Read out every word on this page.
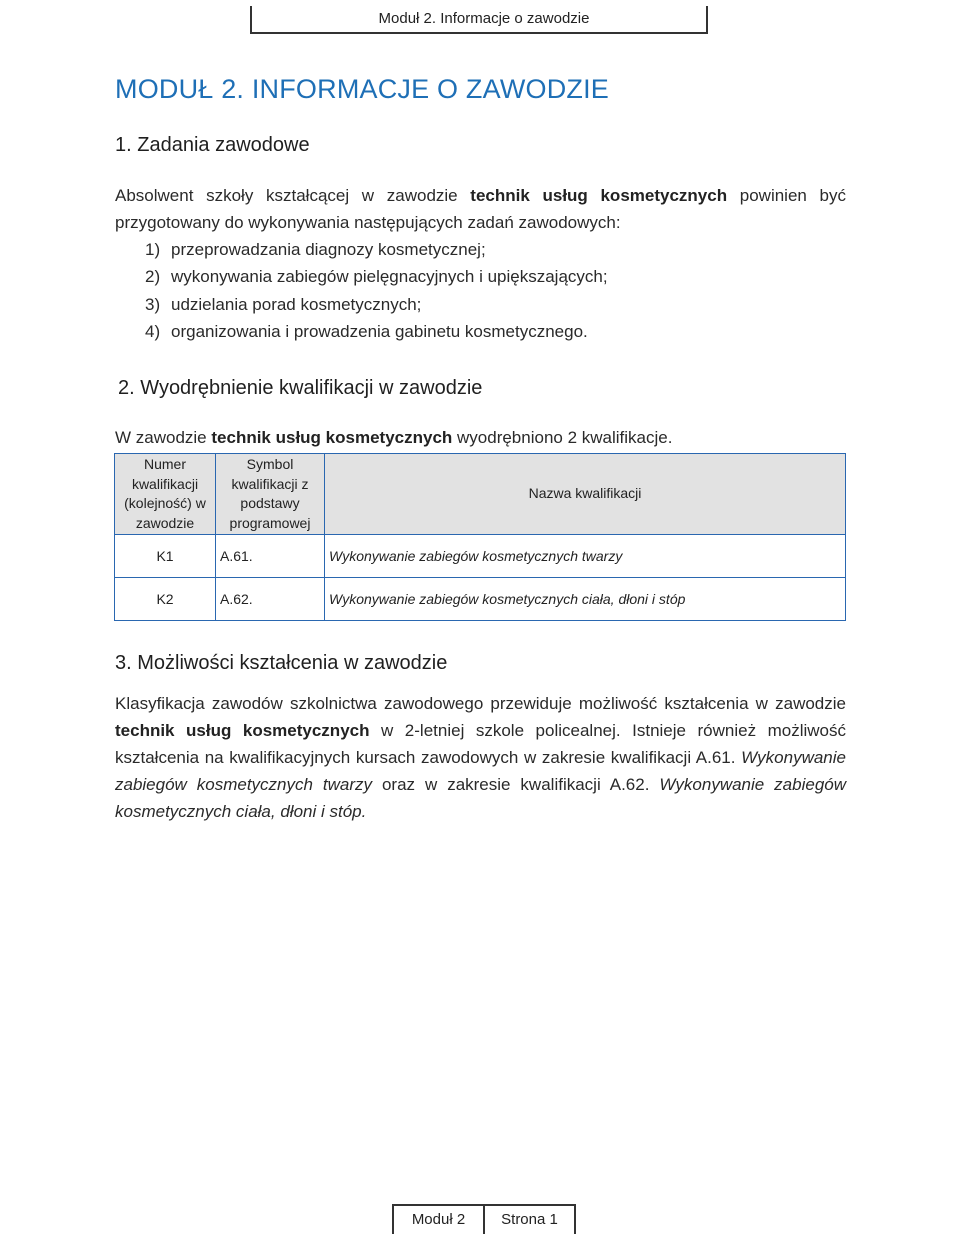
Moduł 2. Informacje o zawodzie
MODUŁ 2. INFORMACJE O ZAWODZIE
1. Zadania zawodowe

Absolwent szkoły kształcącej w zawodzie technik usług kosmetycznych powinien być przygotowany do wykonywania następujących zadań zawodowych:

1) przeprowadzania diagnozy kosmetycznej;
2) wykonywania zabiegów pielęgnacyjnych i upiększających;
3) udzielania porad kosmetycznych;
4) organizowania i prowadzenia gabinetu kosmetycznego.
2. Wyodrębnienie kwalifikacji w zawodzie

W zawodzie technik usług kosmetycznych wyodrębniono 2 kwalifikacje.

Numer kwalifikacji (kolejność) w zawodzie	Symbol kwalifikacji z podstawy programowej	Nazwa kwalifikacji
K1	A.61.	Wykonywanie zabiegów kosmetycznych twarzy
K2	A.62.	Wykonywanie zabiegów kosmetycznych ciała, dłoni i stóp
3. Możliwości kształcenia w zawodzie

Klasyfikacja zawodów szkolnictwa zawodowego przewiduje możliwość kształcenia w zawodzie technik usług kosmetycznych w 2-letniej szkole policealnej. Istnieje również możliwość kształcenia na kwalifikacyjnych kursach zawodowych w zakresie kwalifikacji A.61. Wykonywanie zabiegów kosmetycznych twarzy oraz w zakresie kwalifikacji A.62. Wykonywanie zabiegów kosmetycznych ciała, dłoni i stóp.

Moduł 2	Strona 1
